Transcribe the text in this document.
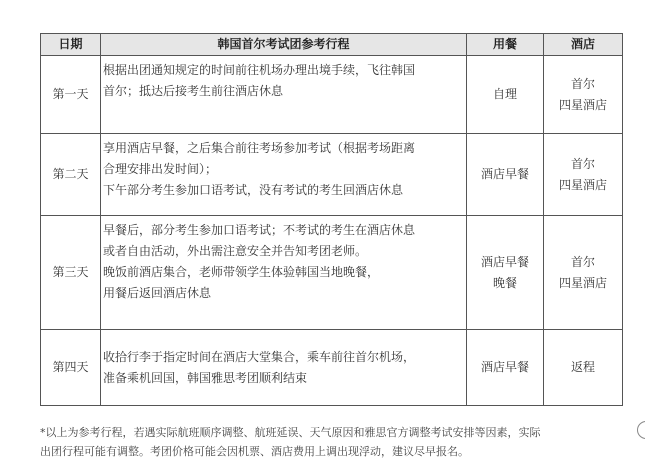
日期	韩国首尔考试团参考行程	用餐	酒店
第一天	根据出团通知规定的时间前往机场办理出境手续，飞往韩国
首尔；抵达后接考生前往酒店休息	自理	首尔
四星酒店

第二天	享用酒店早餐，之后集合前往考场参加考试（根据考场距离
合理安排出发时间）；
下午部分考生参加口语考试，没有考试的考生回酒店休息	酒店早餐	首尔
四星酒店

第三天	早餐后，部分考生参加口语考试；不考试的考生在酒店休息
或者自由活动，外出需注意安全并告知考团老师。
晚饭前酒店集合，老师带领学生体验韩国当地晚餐，
用餐后返回酒店休息	酒店早餐
晚餐	首尔
四星酒店

第四天	收拾行李于指定时间在酒店大堂集合，乘车前往首尔机场，
准备乘机回国，韩国雅思考团顺利结束	酒店早餐	返程
*以上为参考行程，若遇实际航班顺序调整、航班延误、天气原因和雅思官方调整考试安排等因素，实际
出团行程可能有调整。考团价格可能会因机票、酒店费用上调出现浮动，建议尽早报名。
